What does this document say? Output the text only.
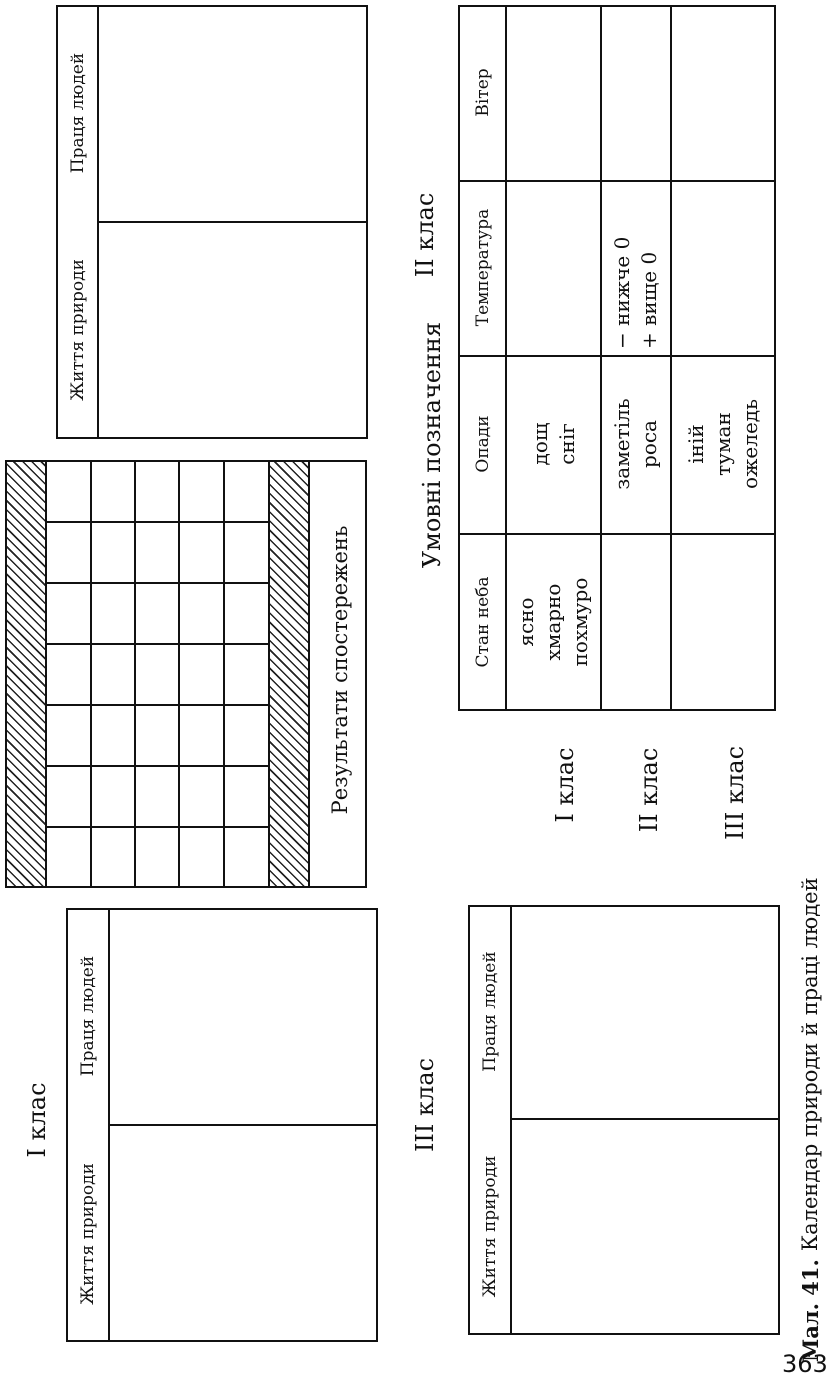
I клас
Життя природи
Праця людей
II клас
Життя природи
Праця людей
Результати спостережень
III клас
Життя природи
Праця людей
Умовні позначення
I клас II клас III клас
Стан неба
Опади
Температура
Вітер
ясно хмарно похмуро
дощ сніг заметіль роса
− нижче 0 + вище 0
іній туман ожеледь
Мал. 41.
Календар природи й праці людей
363
